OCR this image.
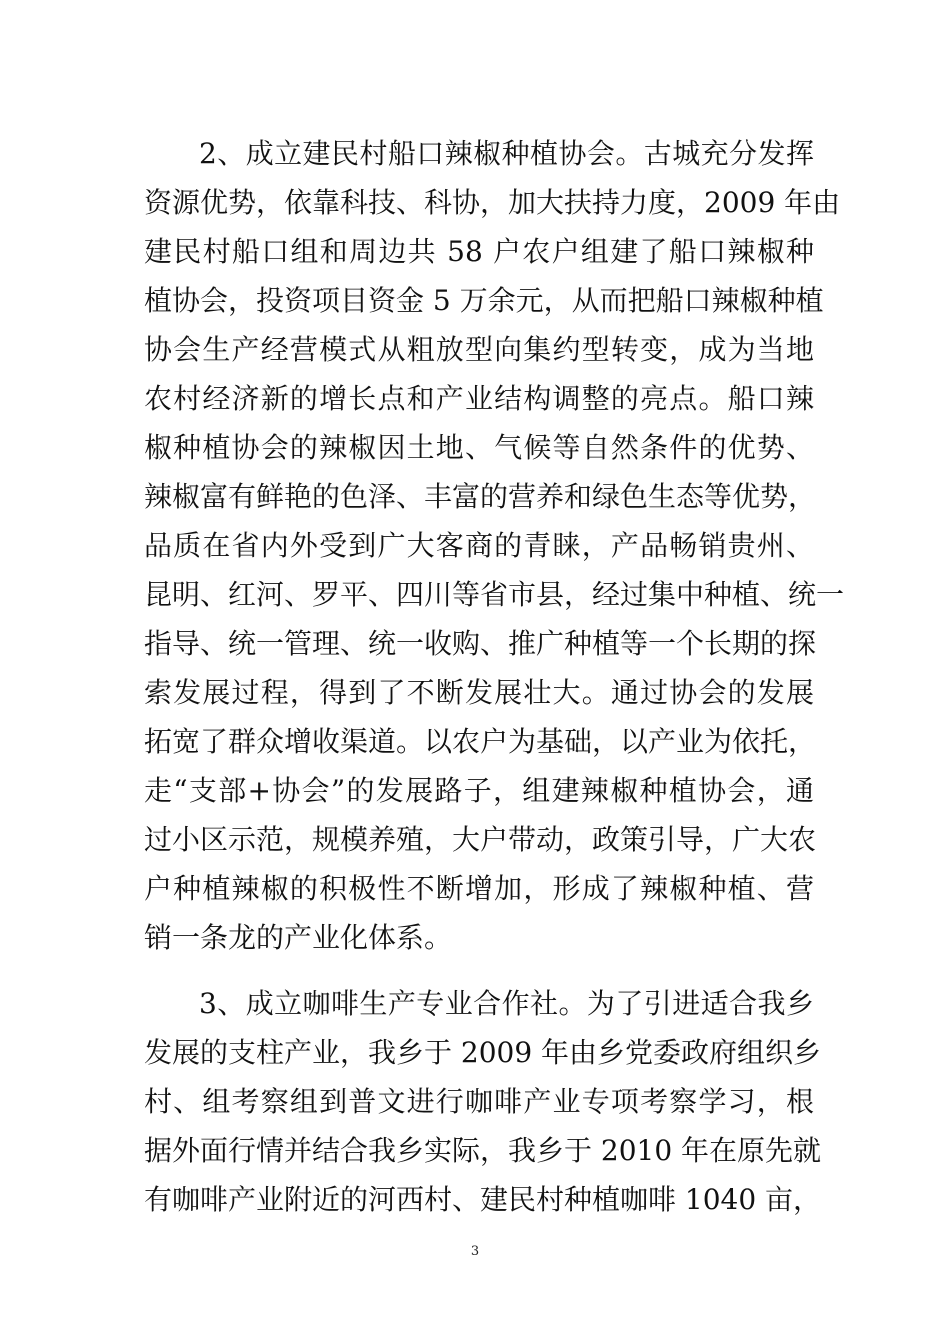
2、成立建民村船口辣椒种植协会。古城充分发挥
资源优势，依靠科技、科协，加大扶持力度，2009 年由
建民村船口组和周边共 58 户农户组建了船口辣椒种
植协会，投资项目资金 5 万余元，从而把船口辣椒种植
协会生产经营模式从粗放型向集约型转变，成为当地
农村经济新的增长点和产业结构调整的亮点。船口辣
椒种植协会的辣椒因土地、气候等自然条件的优势、
辣椒富有鲜艳的色泽、丰富的营养和绿色生态等优势，
品质在省内外受到广大客商的青睐，产品畅销贵州、
昆明、红河、罗平、四川等省市县，经过集中种植、统一
指导、统一管理、统一收购、推广种植等一个长期的探
索发展过程，得到了不断发展壮大。通过协会的发展
拓宽了群众增收渠道。以农户为基础，以产业为依托，
走“支部+协会”的发展路子，组建辣椒种植协会，通
过小区示范，规模养殖，大户带动，政策引导，广大农
户种植辣椒的积极性不断增加，形成了辣椒种植、营
销一条龙的产业化体系。
3、成立咖啡生产专业合作社。为了引进适合我乡
发展的支柱产业，我乡于 2009 年由乡党委政府组织乡
村、组考察组到普文进行咖啡产业专项考察学习，根
据外面行情并结合我乡实际，我乡于 2010 年在原先就
有咖啡产业附近的河西村、建民村种植咖啡 1040 亩，
3
